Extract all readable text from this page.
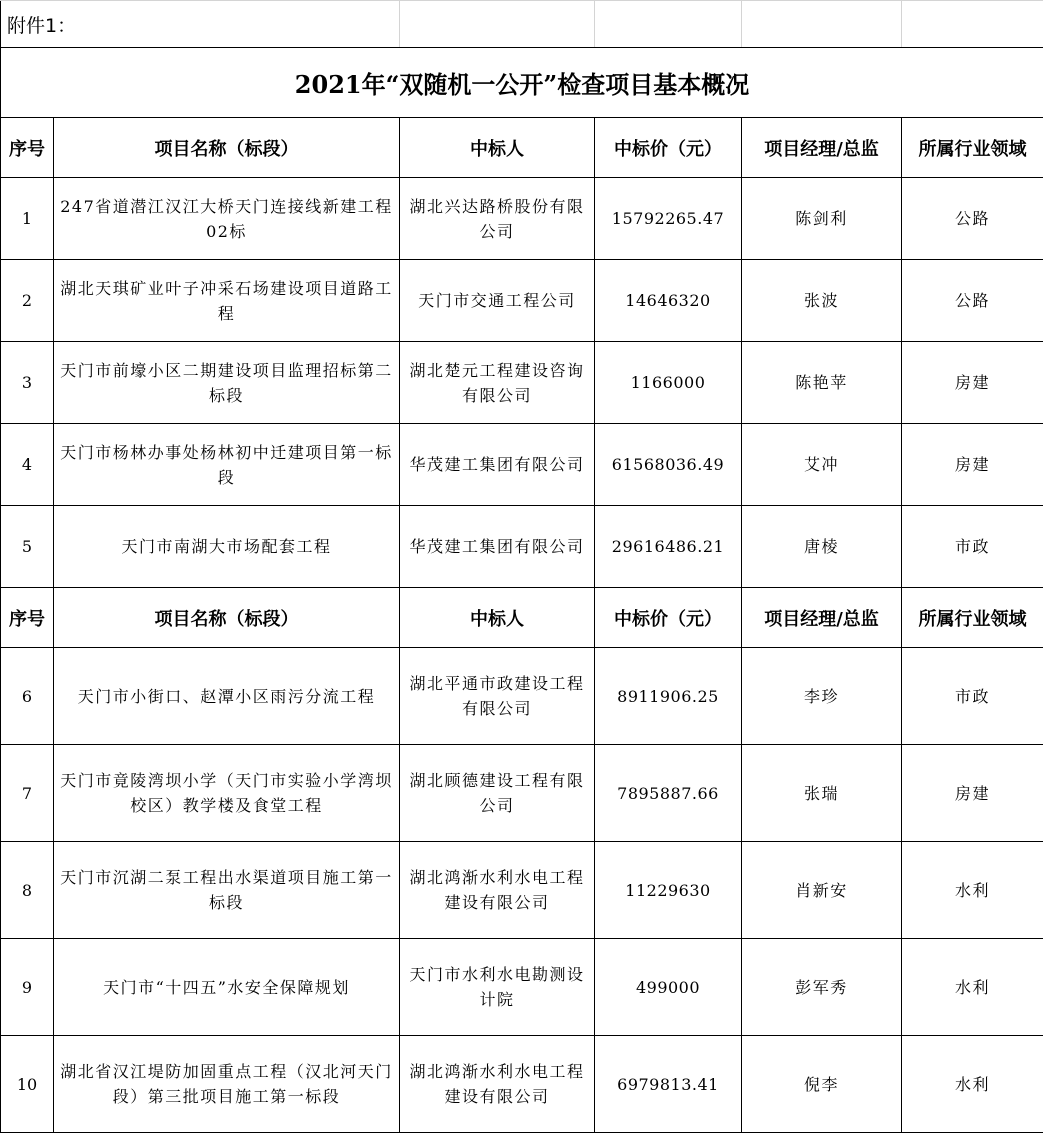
附件1：					
2021年“双随机一公开”检查项目基本概况					
序号	项目名称（标段）	中标人	中标价（元）	项目经理/总监	所属行业领域
1	247省道潜江汉江大桥天门连接线新建工程02标	湖北兴达路桥股份有限公司	15792265.47	陈剑利	公路
2	湖北天琪矿业叶子冲采石场建设项目道路工程	天门市交通工程公司	14646320	张波	公路
3	天门市前壕小区二期建设项目监理招标第二标段	湖北楚元工程建设咨询有限公司	1166000	陈艳苹	房建
4	天门市杨林办事处杨林初中迁建项目第一标段	华茂建工集团有限公司	61568036.49	艾冲	房建
5	天门市南湖大市场配套工程	华茂建工集团有限公司	29616486.21	唐棱	市政
序号	项目名称（标段）	中标人	中标价（元）	项目经理/总监	所属行业领域
6	天门市小街口、赵潭小区雨污分流工程	湖北平通市政建设工程有限公司	8911906.25	李珍	市政
7	天门市竟陵湾坝小学（天门市实验小学湾坝校区）教学楼及食堂工程	湖北顾德建设工程有限公司	7895887.66	张瑞	房建
8	天门市沉湖二泵工程出水渠道项目施工第一标段	湖北鸿渐水利水电工程建设有限公司	11229630	肖新安	水利
9	天门市“十四五”水安全保障规划	天门市水利水电勘测设计院	499000	彭军秀	水利
10	湖北省汉江堤防加固重点工程（汉北河天门段）第三批项目施工第一标段	湖北鸿渐水利水电工程建设有限公司	6979813.41	倪李	水利
